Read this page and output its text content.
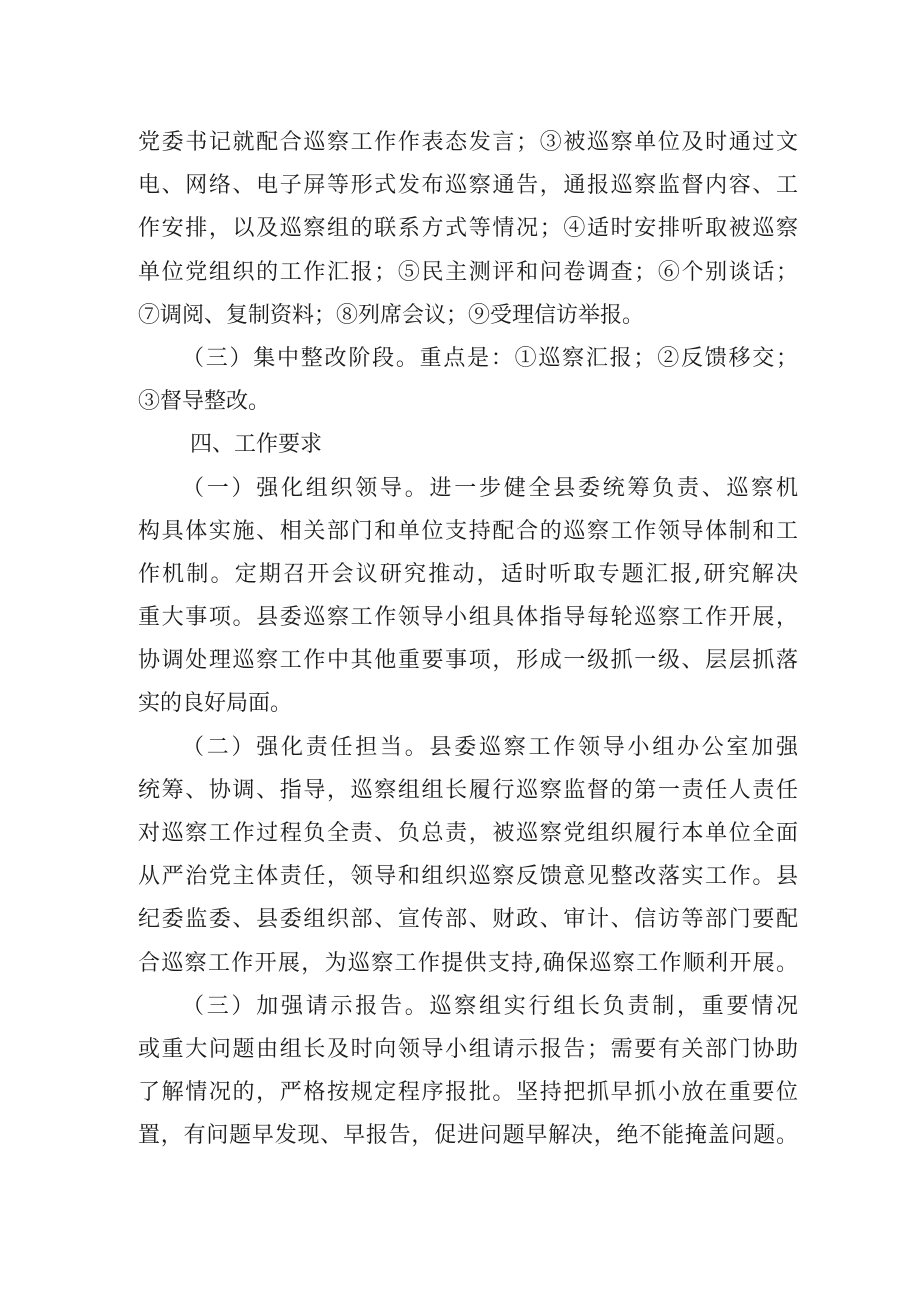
党委书记就配合巡察工作作表态发言；③被巡察单位及时通过文
电、网络、电子屏等形式发布巡察通告，通报巡察监督内容、工
作安排，以及巡察组的联系方式等情况；④适时安排听取被巡察
单位党组织的工作汇报；⑤民主测评和问卷调查；⑥个别谈话；
⑦调阅、复制资料；⑧列席会议；⑨受理信访举报。
（三）集中整改阶段。重点是：①巡察汇报；②反馈移交；
③督导整改。
四、工作要求
（一）强化组织领导。进一步健全县委统筹负责、巡察机
构具体实施、相关部门和单位支持配合的巡察工作领导体制和工
作机制。定期召开会议研究推动，适时听取专题汇报,研究解决
重大事项。县委巡察工作领导小组具体指导每轮巡察工作开展，
协调处理巡察工作中其他重要事项，形成一级抓一级、层层抓落
实的良好局面。
（二）强化责任担当。县委巡察工作领导小组办公室加强
统筹、协调、指导，巡察组组长履行巡察监督的第一责任人责任
对巡察工作过程负全责、负总责，被巡察党组织履行本单位全面
从严治党主体责任，领导和组织巡察反馈意见整改落实工作。县
纪委监委、县委组织部、宣传部、财政、审计、信访等部门要配
合巡察工作开展，为巡察工作提供支持,确保巡察工作顺利开展。
（三）加强请示报告。巡察组实行组长负责制，重要情况
或重大问题由组长及时向领导小组请示报告；需要有关部门协助
了解情况的，严格按规定程序报批。坚持把抓早抓小放在重要位
置，有问题早发现、早报告，促进问题早解决，绝不能掩盖问题。
